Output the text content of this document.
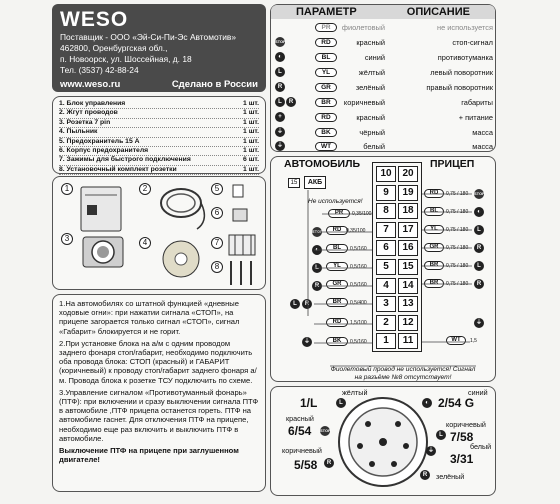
WESO
Поставщик - ООО «Эй-Си-Пи-Эс Автомотив»
462800, Оренбургская обл.,
п. Новоорск, ул. Шоссейная, д. 18
Тел. (3537) 42-88-24
www.weso.ru	Сделано в России
1. Блок управления	1 шт.
2. Жгут проводов	1 шт.
3. Розетка 7 pin	1 шт.
4. Пыльник	1 шт.
5. Предохранитель 15 А	1 шт.
6. Корпус предохранителя	1 шт.
7. Зажимы для быстрого подключения	6 шт.
8. Установочный комплект розетки	1 шт.
1	2
3	4
5
6
7
8

1.На автомобилях со штатной функцией «дневные ходовые огни»: при нажатии сигнала «СТОП», на прицепе загорается только сигнал «СТОП», сигнал «Габарит» блокируется и не горит.

2.При установке блока на а/м с одним проводом заднего фонаря стоп/габарит, необходимо подключить оба провода блока: СТОП (красный) и ГАБАРИТ (коричневый) к проводу стоп/габарит заднего фонаря а/м. Провода блока к розетке ТСУ подключить по схеме.

3.Управление сигналом «Противотуманный фонарь» (ПТФ): при включении и сразу выключении сигнала ПТФ в автомобиле ,ПТФ прицепа останется гореть. ПТФ на автомобиле гаснет. Для отключения ПТФ на прицепе, необходимо еще раз включить и выключить ПТФ в автомобиле.

Выключение ПТФ на прицепе при заглушенном двигателе!

ПАРАМЕТР	ОПИСАНИЕ
PR	фиолетовый	не используется
STOP	RD	красный	стоп-сигнал
◐	BL	синий	противотуманка
L	YL	жёлтый	левый поворотник
R	GR	зелёный	правый поворотник
L	R	BR	коричневый	габариты
+	RD	красный	+ питание
⏚	BK	чёрный	масса
⏚	WT	белый	масса
АВТОМОБИЛЬ	ПРИЦЕП
15	АКБ
Не используется!
10	20
9	19
8	18
7	17
6	16
5	15
4	14
3	13
2	12
1	11
PR	0,35/100
RD 0,35/100
BL	0,5/160
YL	0,5/160
GR	0,5/160
BR	0,5/400
RD	1,5/100
BK	0,5/160
STOP
◐
L
R
L	R
⏚
RD	0,75 / 180
BL	0,75 / 180
YL	0,75 / 180
GR	0,75 / 180
BR	0,75 / 180
BR	0,75 / 180
WT	1,5
STOP
◐
L
R
L
R
⏚
Фиолетовый провод не используется! Сигнал на разъёме №8 отсутствует!
L	◐
STOP
L
⏚
R
R
1/L
жёлтый
2/54 G
синий
красный
6/54	коричневый
7/58
белый
3/31
коричневый
5/58
зелёный
